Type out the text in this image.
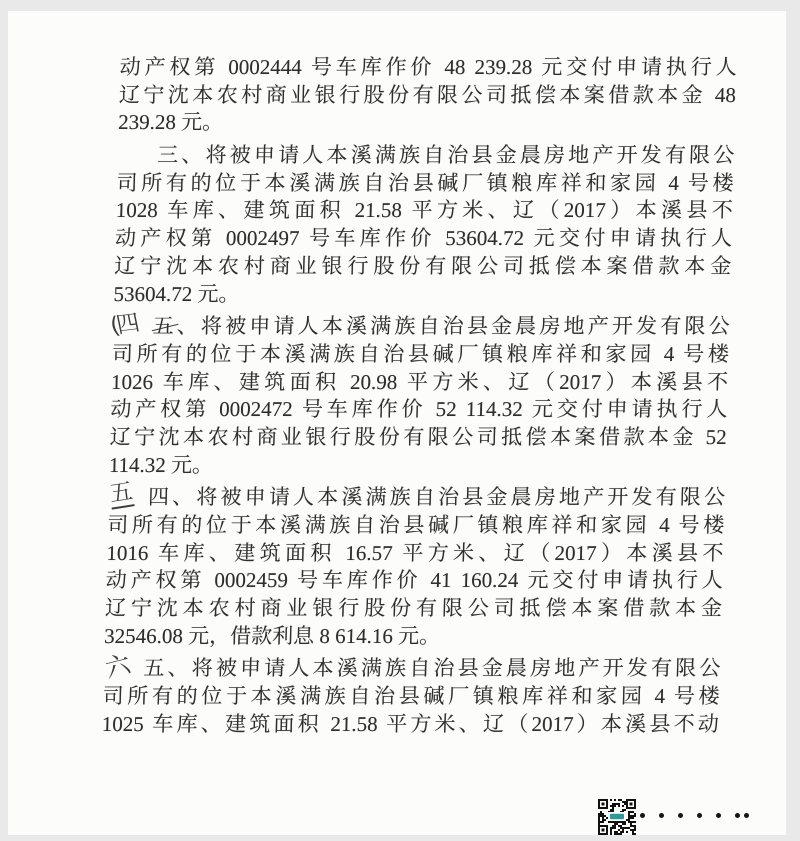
动产权第 0002444 号车库作价 48 239.28 元交付申请执行人
辽宁沈本农村商业银行股份有限公司抵偿本案借款本金 48
239.28 元。
三、将被申请人本溪满族自治县金晨房地产开发有限公
司所有的位于本溪满族自治县碱厂镇粮库祥和家园 4 号楼
1028 车库、建筑面积 21.58 平方米、辽（2017）本溪县不
动产权第 0002497 号车库作价 53604.72 元交付申请执行人
辽宁沈本农村商业银行股份有限公司抵偿本案借款本金
53604.72 元。
(四 五、将被申请人本溪满族自治县金晨房地产开发有限公
司所有的位于本溪满族自治县碱厂镇粮库祥和家园 4 号楼
1026 车库、建筑面积 20.98 平方米、辽（2017）本溪县不
动产权第 0002472 号车库作价 52 114.32 元交付申请执行人
辽宁沈本农村商业银行股份有限公司抵偿本案借款本金 52
114.32 元。
五 四、将被申请人本溪满族自治县金晨房地产开发有限公
司所有的位于本溪满族自治县碱厂镇粮库祥和家园 4 号楼
1016 车库、建筑面积 16.57 平方米、辽（2017）本溪县不
动产权第 0002459 号车库作价 41 160.24 元交付申请执行人
辽宁沈本农村商业银行股份有限公司抵偿本案借款本金
32546.08 元，借款利息 8 614.16 元。
六 五、将被申请人本溪满族自治县金晨房地产开发有限公
司所有的位于本溪满族自治县碱厂镇粮库祥和家园 4 号楼
1025 车库、建筑面积 21.58 平方米、辽（2017）本溪县不动
